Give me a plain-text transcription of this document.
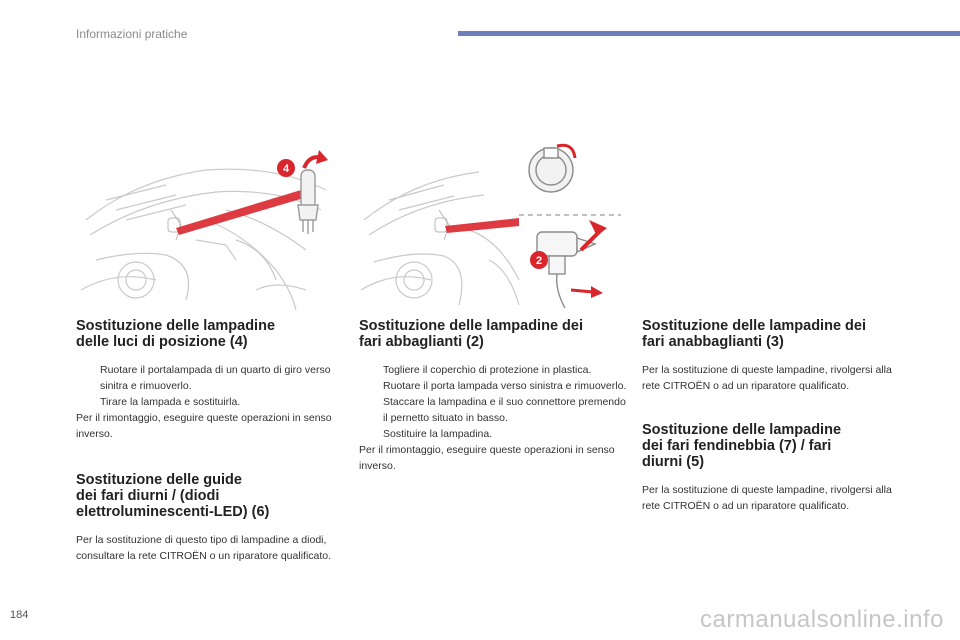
Informazioni pratiche
4
2
Sostituzione delle lampadine
delle luci di posizione (4)
Ruotare il portalampada di un quarto di giro verso sinitra e rimuoverlo.
Tirare la lampada e sostituirla.

Per il rimontaggio, eseguire queste operazioni in senso inverso.

Sostituzione delle guide
dei fari diurni / (diodi
elettroluminescenti-LED) (6)

Per la sostituzione di questo tipo di lampadine a diodi, consultare la rete CITROËN o un riparatore qualificato.

Sostituzione delle lampadine dei
fari abbaglianti (2)
Togliere il coperchio di protezione in plastica.
Ruotare il porta lampada verso sinistra e rimuoverlo.
Staccare la lampadina e il suo connettore premendo il pernetto situato in basso.
Sostituire la lampadina.

Per il rimontaggio, eseguire queste operazioni in senso inverso.

Sostituzione delle lampadine dei
fari anabbaglianti (3)

Per la sostituzione di queste lampadine, rivolgersi alla rete CITROËN o ad un riparatore qualificato.

Sostituzione delle lampadine
dei fari fendinebbia (7) / fari
diurni (5)

Per la sostituzione di queste lampadine, rivolgersi alla rete CITROËN o ad un riparatore qualificato.

184	carmanualsonline.info
